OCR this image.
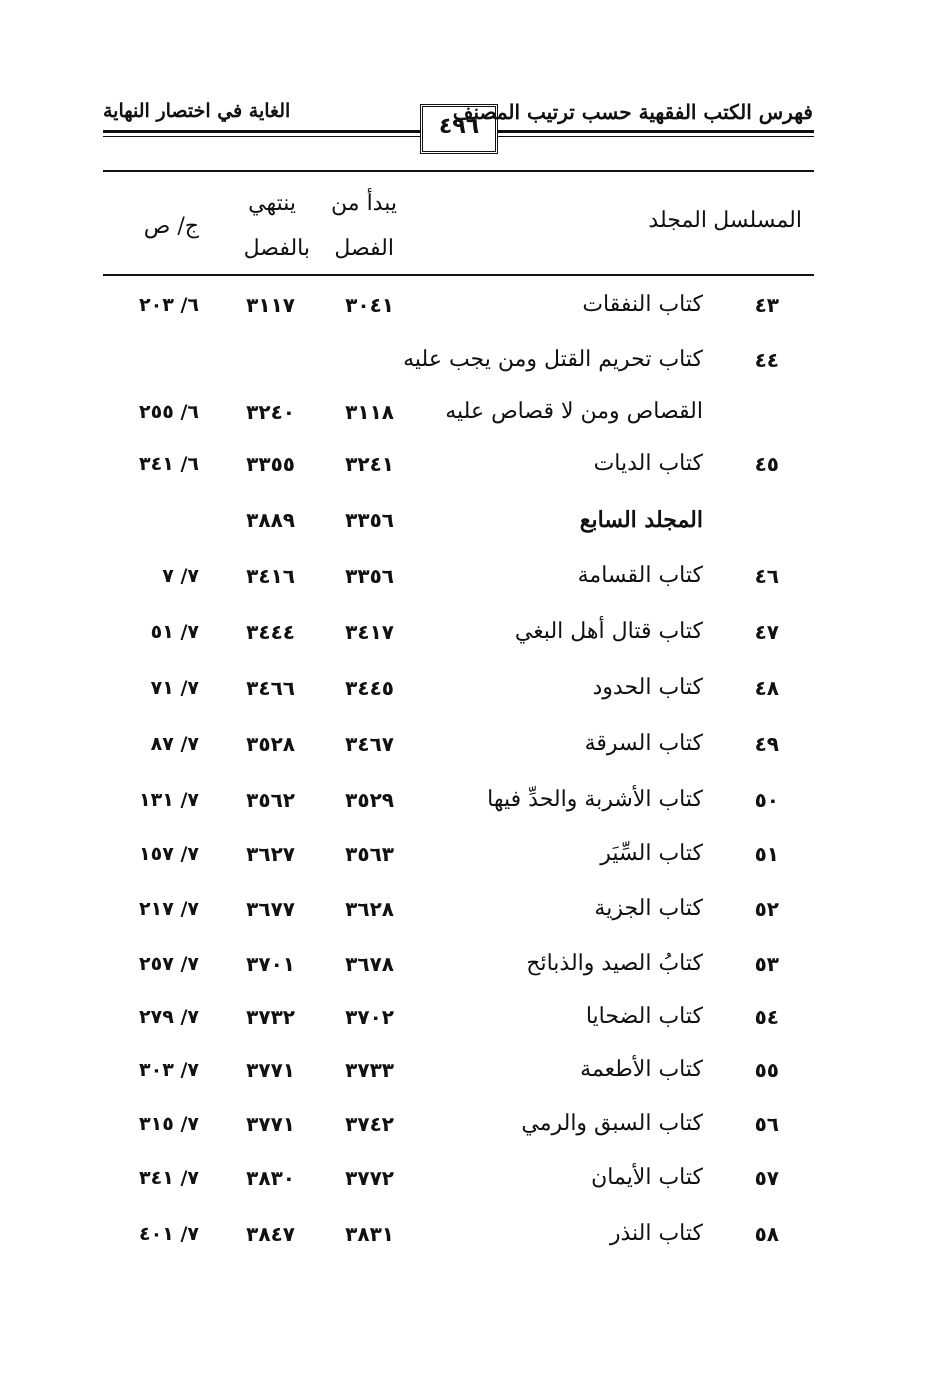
فهرس الكتب الفقهية حسب ترتيب المصنف
الغاية في اختصار النهاية
٤٩٦
المسلسل
المجلد
يبدأ من
الفصل
ينتهي
بالفصل
ج/ ص
٤٣
كتاب النفقات
٣٠٤١
٣١١٧
٦/ ٢٠٣
٤٤
كتاب تحريم القتل ومن يجب عليه
القصاص ومن لا قصاص عليه
٣١١٨
٣٢٤٠
٦/ ٢٥٥
٤٥
كتاب الديات
٣٢٤١
٣٣٥٥
٦/ ٣٤١
المجلد السابع
٣٣٥٦
٣٨٨٩
٤٦
كتاب القسامة
٣٣٥٦
٣٤١٦
٧/ ٧
٤٧
كتاب قتال أهل البغي
٣٤١٧
٣٤٤٤
٧/ ٥١
٤٨
كتاب الحدود
٣٤٤٥
٣٤٦٦
٧/ ٧١
٤٩
كتاب السرقة
٣٤٦٧
٣٥٢٨
٧/ ٨٧
٥٠
كتاب الأشربة والحدِّ فيها
٣٥٢٩
٣٥٦٢
٧/ ١٣١
٥١
كتاب السِّيَر
٣٥٦٣
٣٦٢٧
٧/ ١٥٧
٥٢
كتاب الجزية
٣٦٢٨
٣٦٧٧
٧/ ٢١٧
٥٣
كتابُ الصيد والذبائح
٣٦٧٨
٣٧٠١
٧/ ٢٥٧
٥٤
كتاب الضحايا
٣٧٠٢
٣٧٣٢
٧/ ٢٧٩
٥٥
كتاب الأطعمة
٣٧٣٣
٣٧٧١
٧/ ٣٠٣
٥٦
كتاب السبق والرمي
٣٧٤٢
٣٧٧١
٧/ ٣١٥
٥٧
كتاب الأيمان
٣٧٧٢
٣٨٣٠
٧/ ٣٤١
٥٨
كتاب النذر
٣٨٣١
٣٨٤٧
٧/ ٤٠١
